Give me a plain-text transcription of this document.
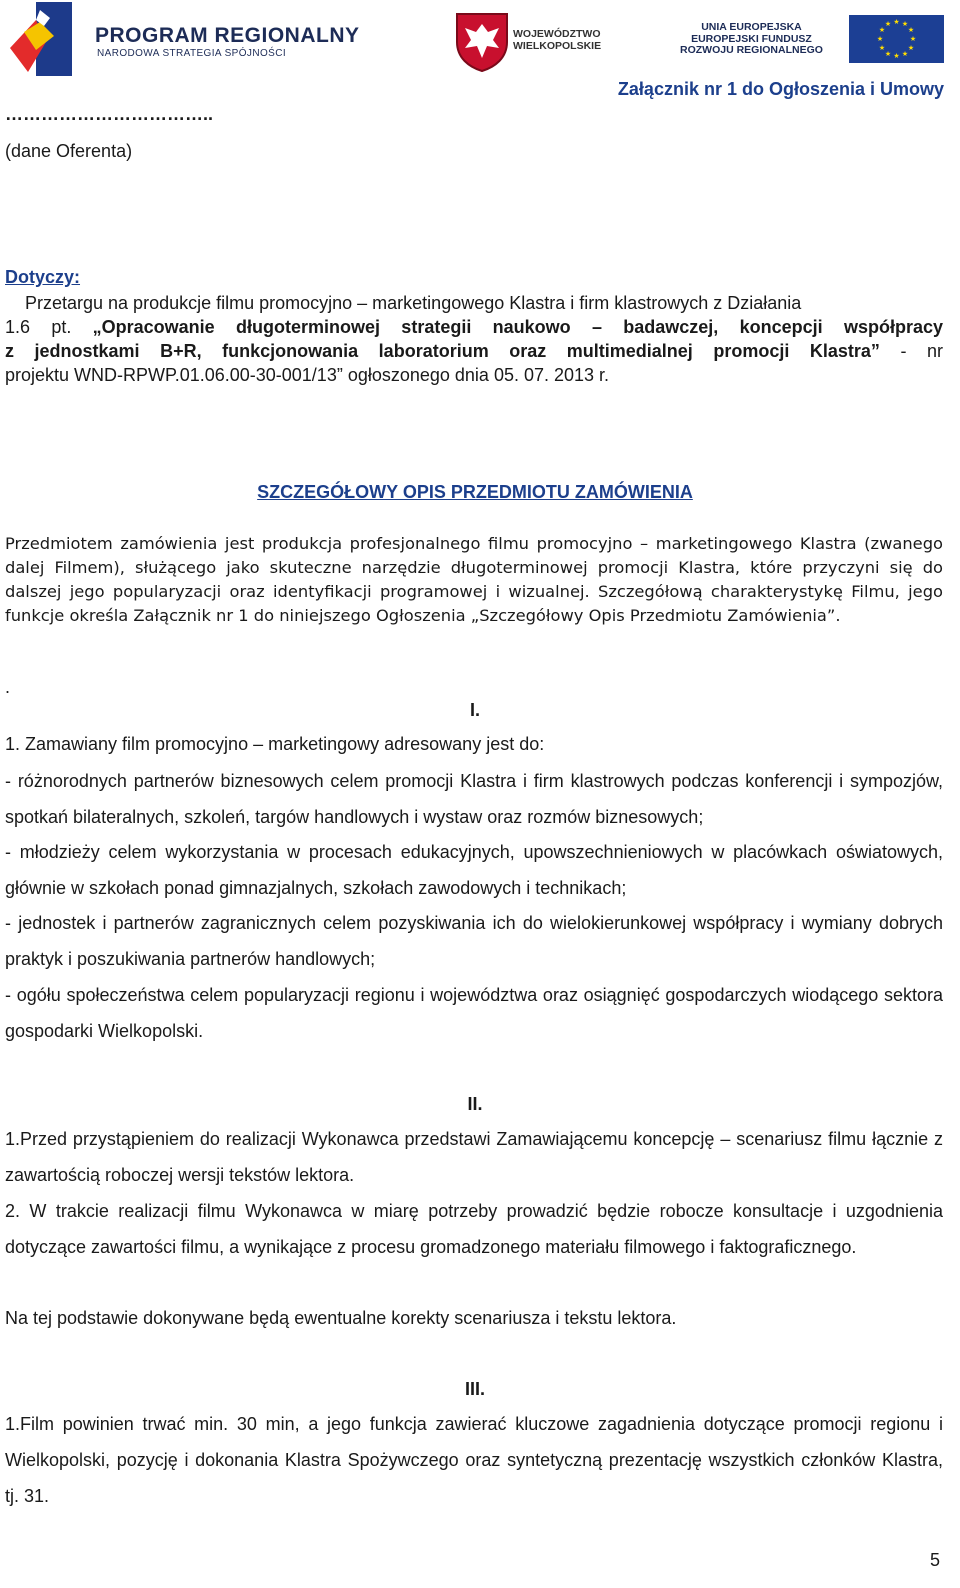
PROGRAM REGIONALNY
NARODOWA STRATEGIA SPÓJNOŚCI
WOJEWÓDZTWO
WIELKOPOLSKIE
UNIA EUROPEJSKA
EUROPEJSKI FUNDUSZ
ROZWOJU REGIONALNEGO
★ ★
★
★
★
★
★
★
★
★
★
★
Załącznik nr 1 do Ogłoszenia i Umowy
……………………………..
(dane Oferenta)
Dotyczy:
Przetargu na produkcje filmu promocyjno – marketingowego Klastra i firm klastrowych z Działania
1.6 pt. „Opracowanie długoterminowej strategii naukowo – badawczej, koncepcji współpracy
z jednostkami B+R, funkcjonowania laboratorium oraz multimedialnej promocji Klastra” - nr
projektu WND-RPWP.01.06.00-30-001/13” ogłoszonego dnia 05. 07. 2013 r.
SZCZEGÓŁOWY OPIS PRZEDMIOTU ZAMÓWIENIA
Przedmiotem zamówienia jest produkcja profesjonalnego filmu promocyjno – marketingowego Klastra (zwanego dalej Filmem), służącego jako skuteczne narzędzie długoterminowej promocji Klastra, które przyczyni się do dalszej jego popularyzacji oraz identyfikacji programowej i wizualnej. Szczegółową charakterystykę Filmu, jego funkcje określa Załącznik nr 1 do niniejszego Ogłoszenia „Szczegółowy Opis Przedmiotu Zamówienia”.
.
I.
1. Zamawiany film promocyjno – marketingowy adresowany jest do:
- różnorodnych partnerów biznesowych celem promocji Klastra i firm klastrowych podczas konferencji i sympozjów, spotkań bilateralnych, szkoleń, targów handlowych i wystaw oraz rozmów biznesowych;
- młodzieży celem wykorzystania w procesach edukacyjnych, upowszechnieniowych w placówkach oświatowych, głównie w szkołach ponad gimnazjalnych, szkołach zawodowych i technikach;
- jednostek i partnerów zagranicznych celem pozyskiwania ich do wielokierunkowej współpracy i wymiany dobrych praktyk i poszukiwania partnerów handlowych;
- ogółu społeczeństwa celem popularyzacji regionu i województwa oraz osiągnięć gospodarczych wiodącego sektora gospodarki Wielkopolski.
II.
1.Przed przystąpieniem do realizacji Wykonawca przedstawi Zamawiającemu koncepcję – scenariusz filmu łącznie z zawartością roboczej wersji tekstów lektora.
2. W trakcie realizacji filmu Wykonawca w miarę potrzeby prowadzić będzie robocze konsultacje i uzgodnienia dotyczące zawartości filmu, a wynikające z procesu gromadzonego materiału filmowego i faktograficznego.
Na tej podstawie dokonywane będą ewentualne korekty scenariusza i tekstu lektora.
III.
1.Film powinien trwać min. 30 min, a jego funkcja zawierać kluczowe zagadnienia dotyczące promocji regionu i Wielkopolski, pozycję i dokonania Klastra Spożywczego oraz syntetyczną prezentację wszystkich członków Klastra, tj. 31.
5
